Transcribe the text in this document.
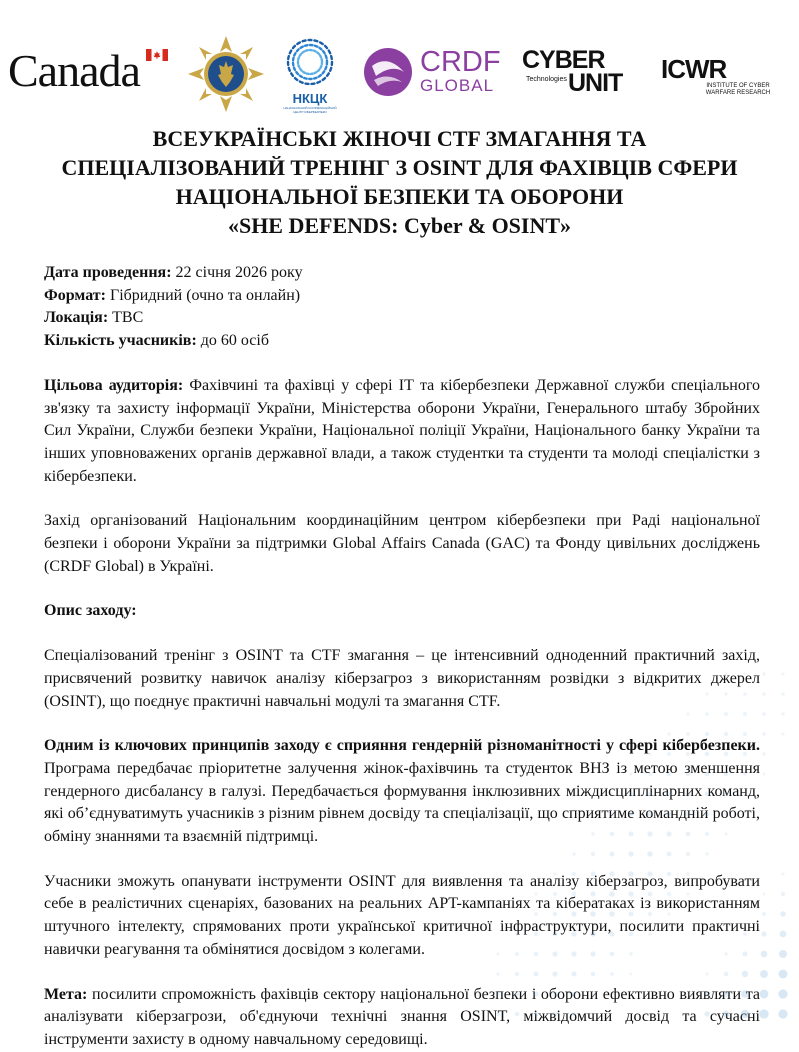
Canada
НКЦК
НАЦІОНАЛЬНИЙ КООРДИНАЦІЙНИЙ ЦЕНТР КІБЕРБЕЗПЕКИ
CRDF
GLOBAL
CYBER
Technologies UNIT ICWR
INSTITUTE OF CYBER WARFARE RESEARCH
ВСЕУКРАЇНСЬКІ ЖІНОЧІ CTF ЗМАГАННЯ ТА
СПЕЦІАЛІЗОВАНИЙ ТРЕНІНГ З OSINT ДЛЯ ФАХІВЦІВ СФЕРИ
НАЦІОНАЛЬНОЇ БЕЗПЕКИ ТА ОБОРОНИ
«SHE DEFENDS: Cyber & OSINT»
Дата проведення: 22 січня 2026 року
Формат: Гібридний (очно та онлайн)
Локація: TBC
Кількість учасників: до 60 осіб

Цільова аудиторія: Фахівчині та фахівці у сфері ІТ та кібербезпеки Державної служби спеціального зв'язку та захисту інформації України, Міністерства оборони України, Генерального штабу Збройних Сил України, Служби безпеки України, Національної поліції України, Національного банку України та інших уповноважених органів державної влади, а також студентки та студенти та молоді спеціалістки з кібербезпеки.

Захід організований Національним координаційним центром кібербезпеки при Раді національної безпеки і оборони України за підтримки Global Affairs Canada (GAC) та Фонду цивільних досліджень (CRDF Global) в Україні.

Опис заходу:

Спеціалізований тренінг з OSINT та CTF змагання – це інтенсивний одноденний практичний захід, присвячений розвитку навичок аналізу кіберзагроз з використанням розвідки з відкритих джерел (OSINT), що поєднує практичні навчальні модулі та змагання CTF.

Одним із ключових принципів заходу є сприяння гендерній різноманітності у сфері кібербезпеки. Програма передбачає пріоритетне залучення жінок-фахівчинь та студенток ВНЗ із метою зменшення гендерного дисбалансу в галузі. Передбачається формування інклюзивних міждисциплінарних команд, які об’єднуватимуть учасників з різним рівнем досвіду та спеціалізації, що сприятиме командній роботі, обміну знаннями та взаємній підтримці.

Учасники зможуть опанувати інструменти OSINT для виявлення та аналізу кіберзагроз, випробувати себе в реалістичних сценаріях, базованих на реальних APT-кампаніях та кібератаках із використанням штучного інтелекту, спрямованих проти української критичної інфраструктури, посилити практичні навички реагування та обмінятися досвідом з колегами.

Мета: посилити спроможність фахівців сектору національної безпеки і оборони ефективно виявляти та аналізувати кіберзагрози, об'єднуючи технічні знання OSINT, міжвідомчий досвід та сучасні інструменти захисту в одному навчальному середовищі.
